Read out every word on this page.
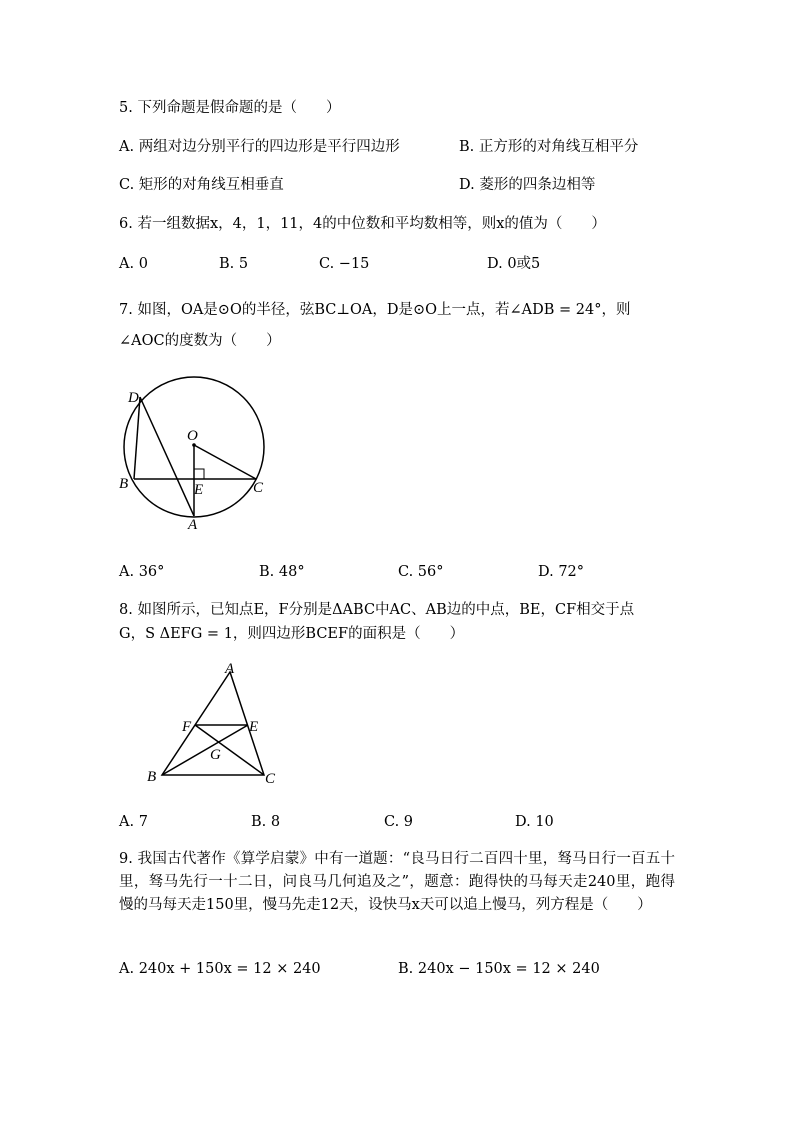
5. 下列命题是假命题的是（　　）
A. 两组对边分别平行的四边形是平行四边形	B. 正方形的对角线互相平分
C. 矩形的对角线互相垂直	D. 菱形的四条边相等
6. 若一组数据x，4，1，11，4的中位数和平均数相等，则x的值为（　　）
A. 0	B. 5	C. −15	D. 0或5
7. 如图，OA是⊙O的半径，弦BC⊥OA，D是⊙O上一点，若∠ADB = 24°，则
∠AOC的度数为（　　）
D
O
B	E	C
A
A. 36°	B. 48°	C. 56°	D. 72°
8. 如图所示，已知点E，F分别是ΔABC中AC、AB边的中点，BE，CF相交于点
G，S ΔEFG = 1，则四边形BCEF的面积是（　　）
A
F	E
G
B	C
A. 7	B. 8	C. 9	D. 10
9. 我国古代著作《算学启蒙》中有一道题：“良马日行二百四十里，驽马日行一百五十里，驽马先行一十二日，问良马几何追及之”，题意：跑得快的马每天走240里，跑得慢的马每天走150里，慢马先走12天，设快马x天可以追上慢马，列方程是（　　）
A. 240x + 150x = 12 × 240	B. 240x − 150x = 12 × 240
